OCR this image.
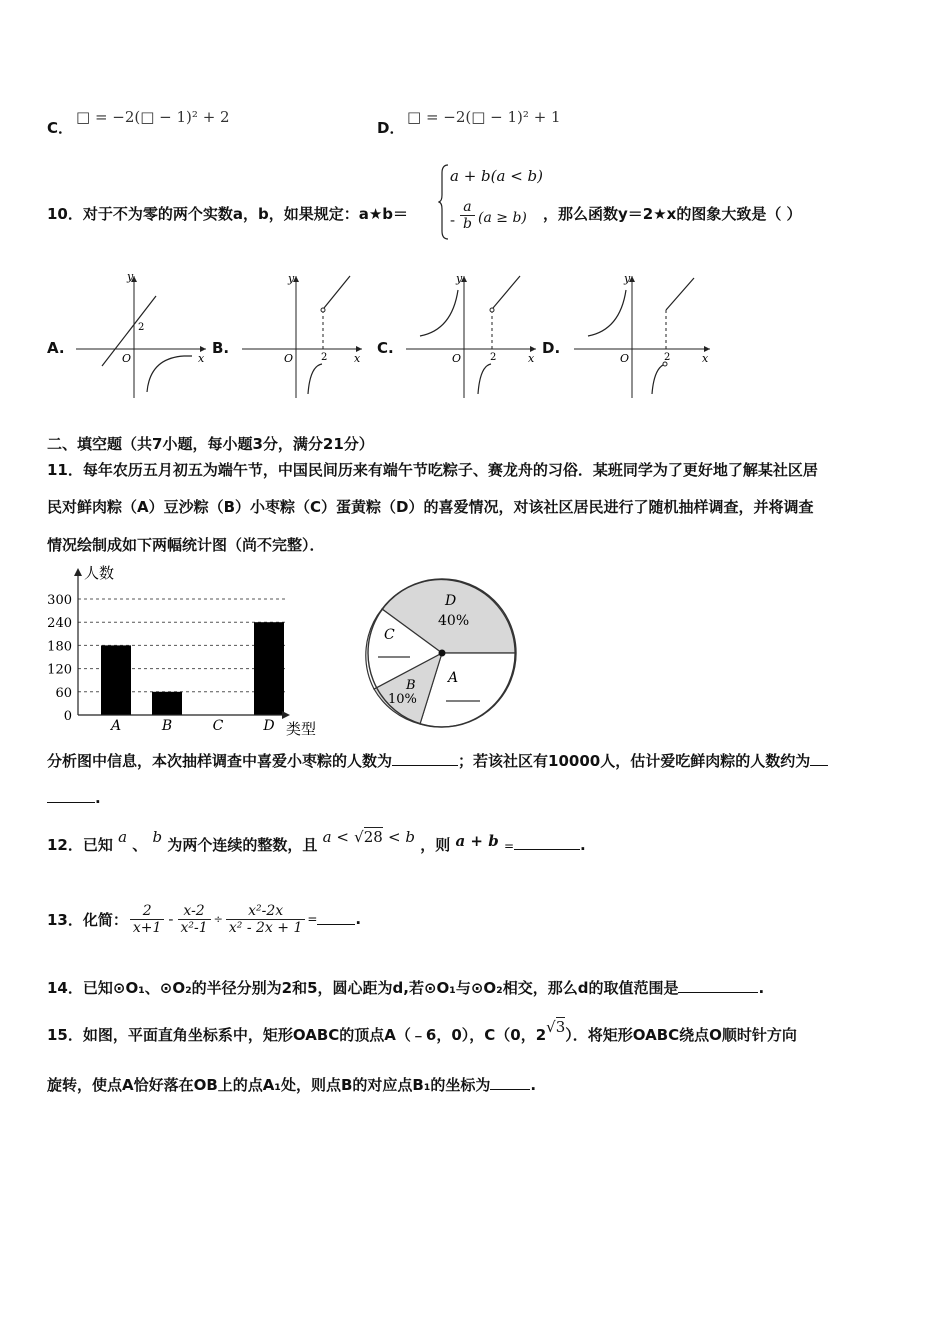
C．
□ = −2(□ − 1)² + 2
D．
□ = −2(□ − 1)² + 1
10．对于不为零的两个实数a，b，如果规定：a★b＝
a + b(a < b)
- $\frac{a}{b} (a \ge b)$ ，那么函数y＝2★x的图象大致是（ ）
A.
x
y
O
2
B.
x
y
O	2
C.
x
y
O	2
D.
x
y
O	2
二、填空题（共7小题，每小题3分，满分21分）
11．每年农历五月初五为端午节，中国民间历来有端午节吃粽子、赛龙舟的习俗．某班同学为了更好地了解某社区居
民对鲜肉粽（A）豆沙粽（B）小枣粽（C）蛋黄粽（D）的喜爱情况，对该社区居民进行了随机抽样调查，并将调查
情况绘制成如下两幅统计图（尚不完整）．
0
60
120
180
240
300
A	B	C	D
人数
类型
D
40%
A
B
10%
C
分析图中信息，本次抽样调查中喜爱小枣粽的人数为	；若该社区有10000人，估计爱吃鲜肉粽的人数约为
.
12．已知 a 、 b 为两个连续的整数，且 a < √28 < b ，则 a + b =	.
13．化简： $\frac{2}{x+1} - \frac{x-2}{\text{x²-1}} \div \frac{\text{x²-2x}}{\text{x² - 2x + 1}}$ =	.
14．已知⊙O₁、⊙O₂的半径分别为2和5，圆心距为d,若⊙O₁与⊙O₂相交，那么d的取值范围是	.
15．如图，平面直角坐标系中，矩形OABC的顶点A（﹣6，0），C（0，2√3）．将矩形OABC绕点O顺时针方向
旋转，使点A恰好落在OB上的点A₁处，则点B的对应点B₁的坐标为	.
